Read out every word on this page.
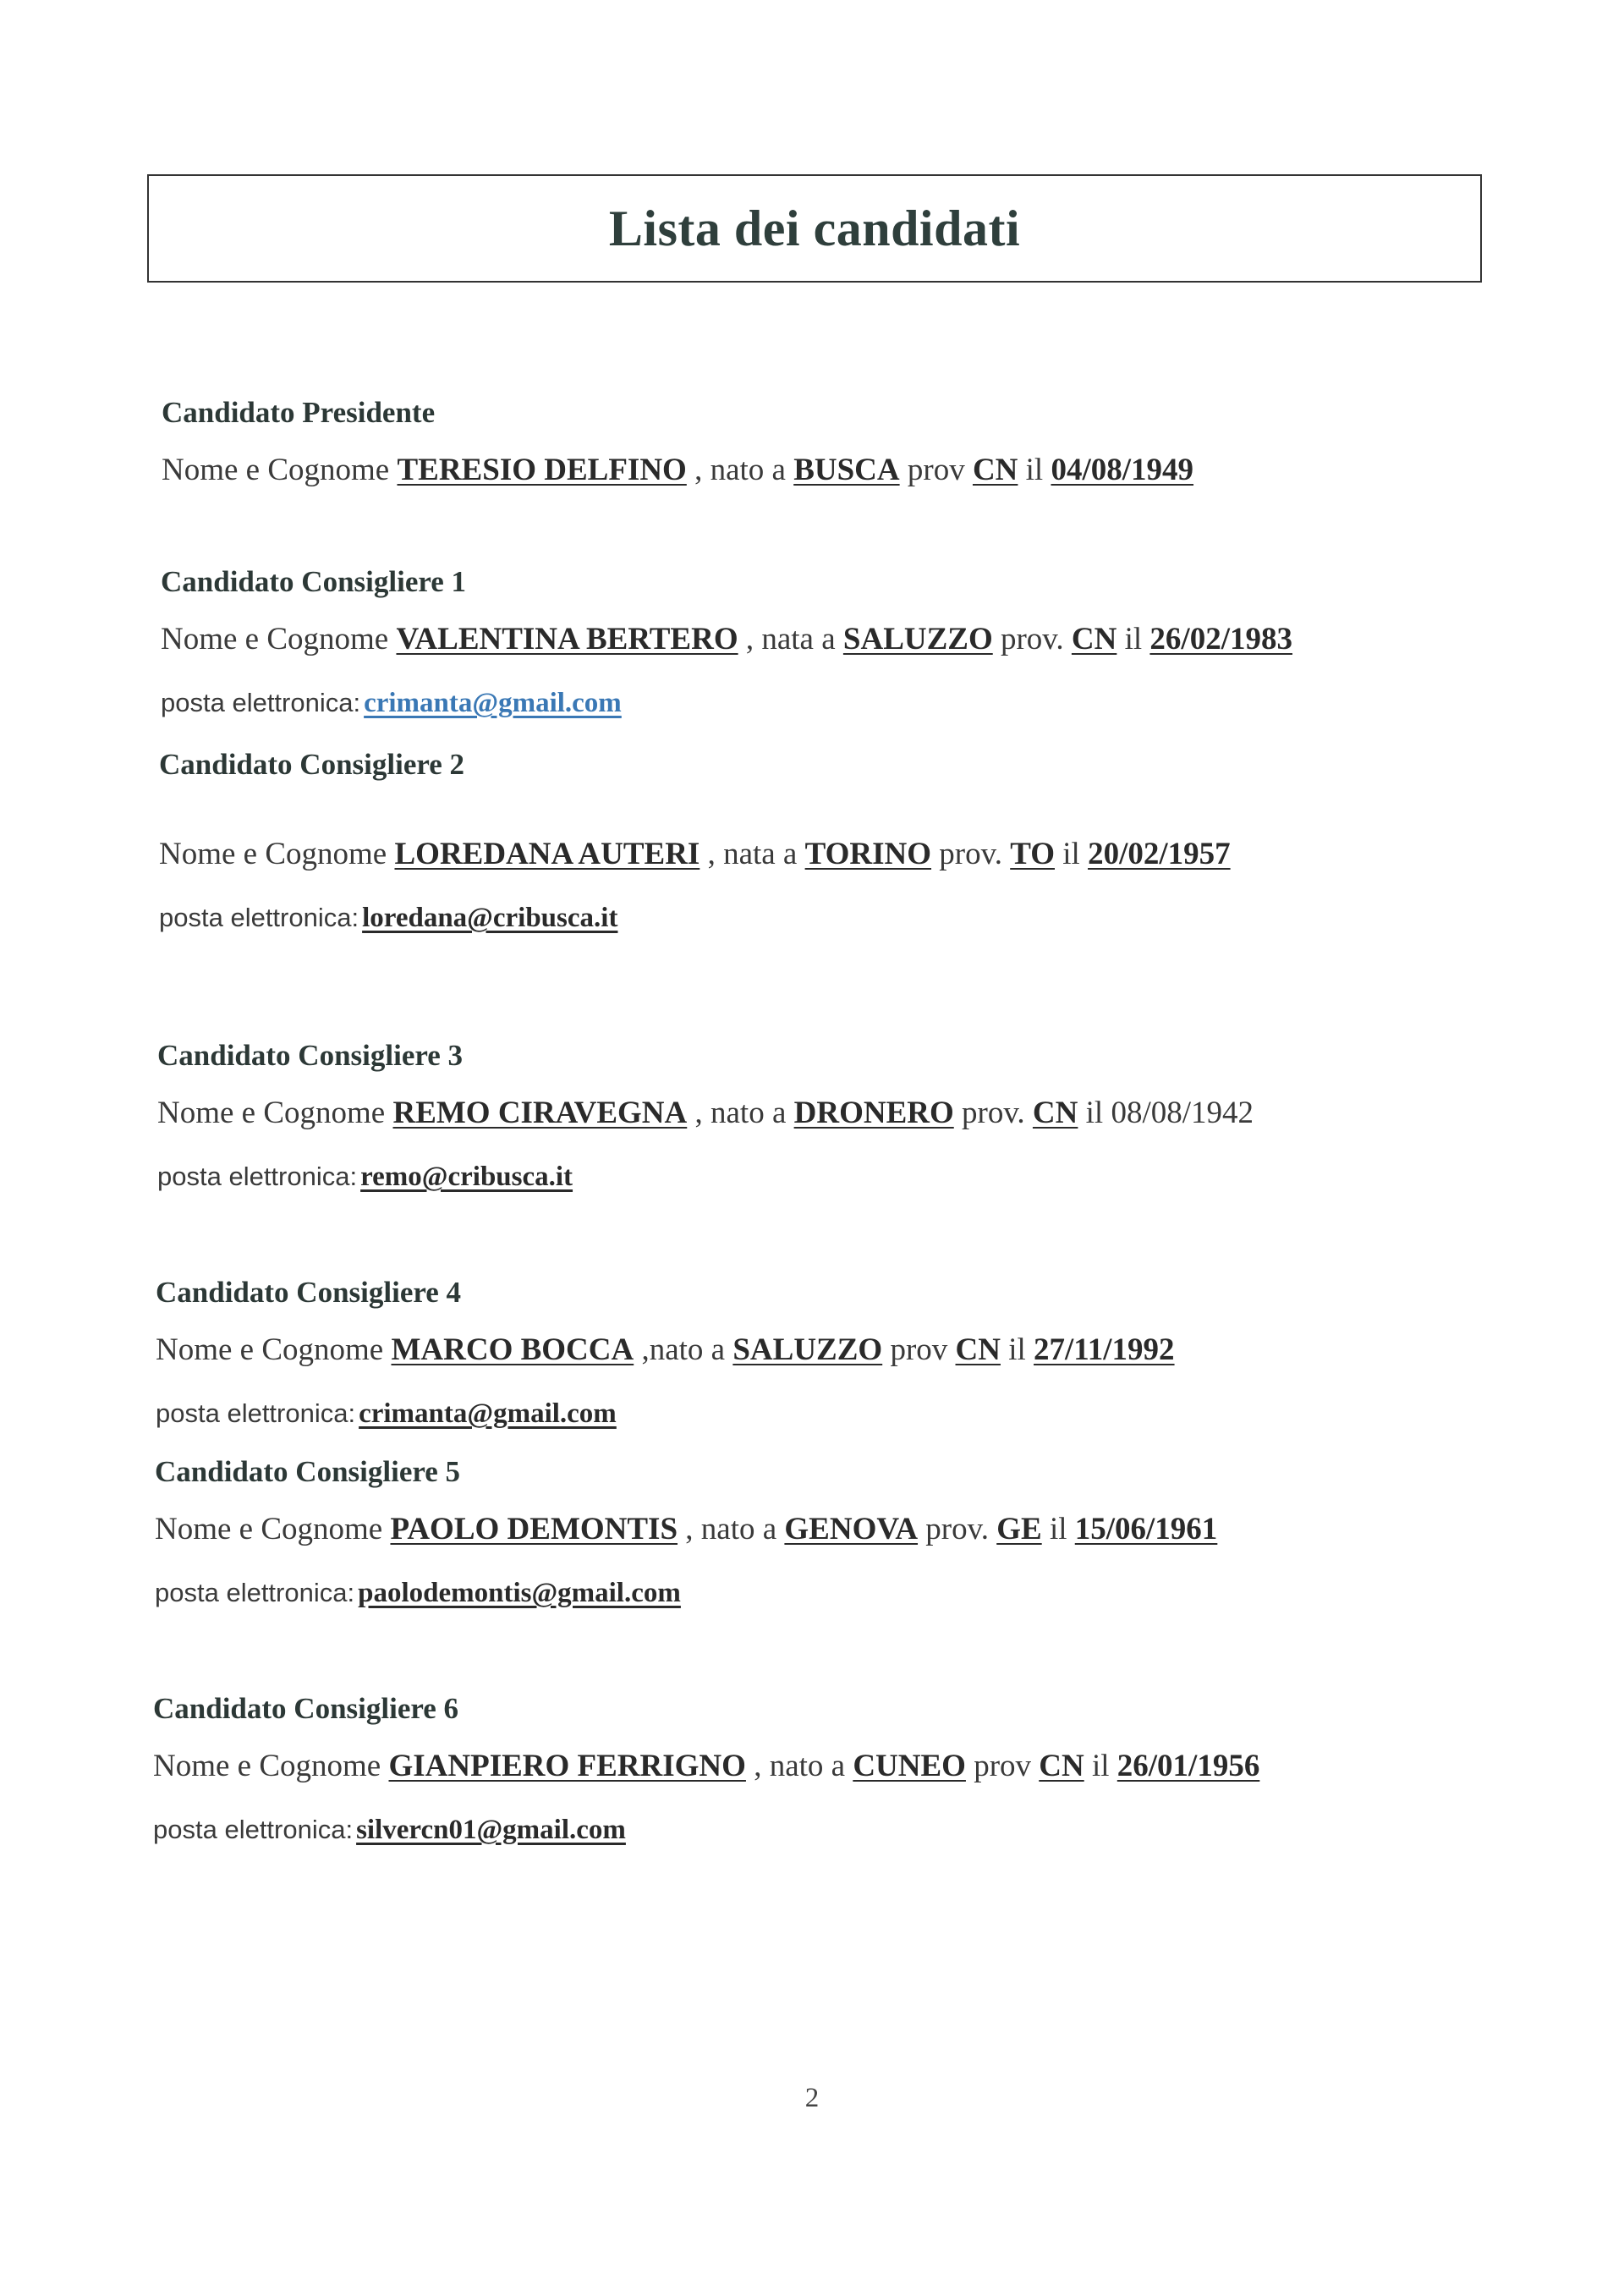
Lista dei candidati
Candidato Presidente
Nome e Cognome TERESIO DELFINO , nato a BUSCA prov CN il 04/08/1949
Candidato Consigliere 1
Nome e Cognome VALENTINA BERTERO , nata a SALUZZO prov. CN il 26/02/1983
posta elettronica: crimanta@gmail.com
Candidato Consigliere 2
Nome e Cognome LOREDANA AUTERI , nata a TORINO prov. TO il 20/02/1957
posta elettronica: loredana@cribusca.it
Candidato Consigliere 3
Nome e Cognome REMO CIRAVEGNA , nato a DRONERO prov. CN il 08/08/1942
posta elettronica: remo@cribusca.it
Candidato Consigliere 4
Nome e Cognome MARCO BOCCA ,nato a SALUZZO prov CN il 27/11/1992
posta elettronica: crimanta@gmail.com
Candidato Consigliere 5
Nome e Cognome PAOLO DEMONTIS , nato a GENOVA prov. GE il 15/06/1961
posta elettronica: paolodemontis@gmail.com
Candidato Consigliere 6
Nome e Cognome GIANPIERO FERRIGNO , nato a CUNEO prov CN il 26/01/1956
posta elettronica: silvercn01@gmail.com
2
